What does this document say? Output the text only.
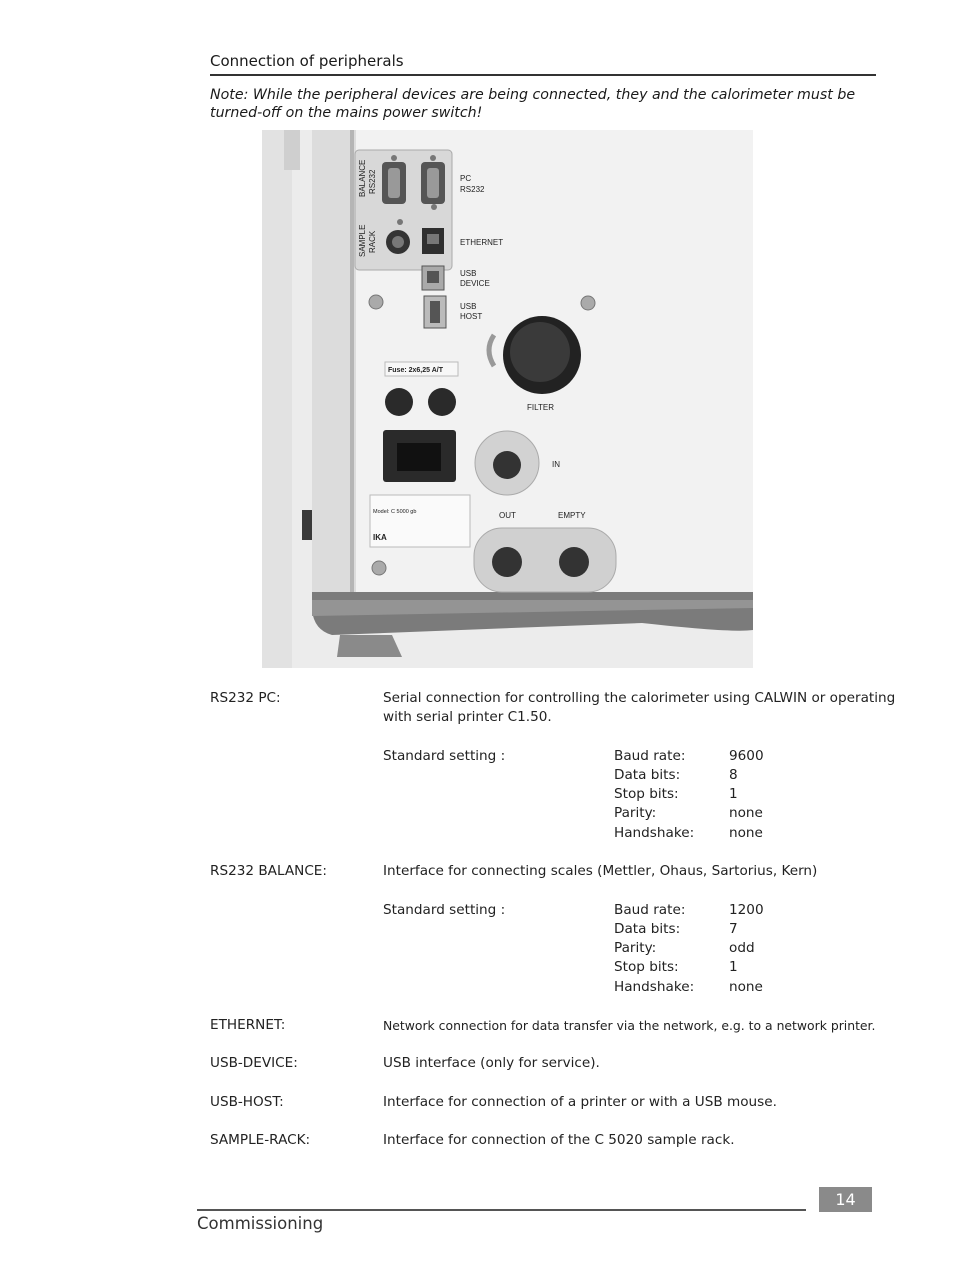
Connection of peripherals
Note: While the peripheral devices are being connected, they and the calorimeter must be turned-off on the mains power switch!
Model: C 5000 gb
IKA
BALANCE RS232	PC
RS232
SAMPLE RACK	ETHERNET
USB
DEVICE
USB
HOST
Fuse: 2x6,25 A/T
FILTER
IN
OUT	EMPTY
RS232 PC:	Serial connection for controlling the calorimeter using CALWIN or operating
with serial printer C1.50.
Standard setting :	Baud rate:	9600
Data bits:	8
Stop bits:	1
Parity:	none
Handshake:	none
RS232 BALANCE:	Interface for connecting scales (Mettler, Ohaus, Sartorius, Kern)
Standard setting :	Baud rate:	1200
Data bits:	7
Parity:	odd
Stop bits:	1
Handshake:	none
ETHERNET:	Network connection for data transfer via the network, e.g. to a network printer.
USB-DEVICE:	USB interface (only for service).
USB-HOST:	Interface for connection of a printer or with a USB mouse.
SAMPLE-RACK:	Interface for connection of the C 5020 sample rack.
14
Commissioning
